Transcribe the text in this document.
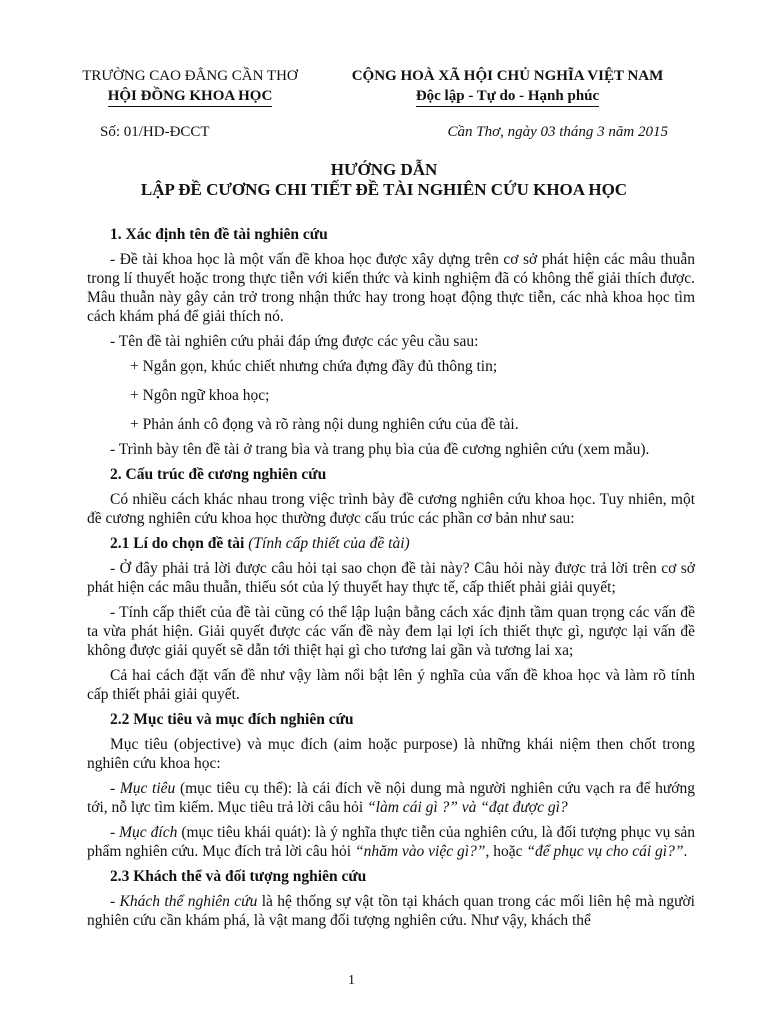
TRƯỜNG CAO ĐẲNG CẦN THƠ
HỘI ĐỒNG KHOA HỌC
CỘNG HOÀ XÃ HỘI CHỦ NGHĨA VIỆT NAM
Độc lập - Tự do - Hạnh phúc
Số: 01/HD-ĐCCT	Cần Thơ, ngày 03 tháng 3 năm 2015
HƯỚNG DẪN
LẬP ĐỀ CƯƠNG CHI TIẾT ĐỀ TÀI NGHIÊN CỨU KHOA HỌC

1. Xác định tên đề tài nghiên cứu

- Đề tài khoa học là một vấn đề khoa học được xây dựng trên cơ sở phát hiện các mâu thuẫn trong lí thuyết hoặc trong thực tiễn với kiến thức và kinh nghiệm đã có không thể giải thích được. Mâu thuẫn này gây cản trở trong nhận thức hay trong hoạt động thực tiễn, các nhà khoa học tìm cách khám phá để giải thích nó.

- Tên đề tài nghiên cứu phải đáp ứng được các yêu cầu sau:

+ Ngắn gọn, khúc chiết nhưng chứa đựng đầy đủ thông tin;

+ Ngôn ngữ khoa học;

+ Phản ánh cô đọng và rõ ràng nội dung nghiên cứu của đề tài.

- Trình bày tên đề tài ở trang bìa và trang phụ bìa của đề cương nghiên cứu (xem mẫu).

2. Cấu trúc đề cương nghiên cứu

Có nhiều cách khác nhau trong việc trình bày đề cương nghiên cứu khoa học. Tuy nhiên, một đề cương nghiên cứu khoa học thường được cấu trúc các phần cơ bản như sau:

2.1 Lí do chọn đề tài (Tính cấp thiết của đề tài)

- Ở đây phải trả lời được câu hỏi tại sao chọn đề tài này? Câu hỏi này được trả lời trên cơ sở phát hiện các mâu thuẫn, thiếu sót của lý thuyết hay thực tế, cấp thiết phải giải quyết;

- Tính cấp thiết của đề tài cũng có thể lập luận bằng cách xác định tầm quan trọng các vấn đề ta vừa phát hiện. Giải quyết được các vấn đề này đem lại lợi ích thiết thực gì, ngược lại vấn đề không được giải quyết sẽ dẫn tới thiệt hại gì cho tương lai gần và tương lai xa;

Cả hai cách đặt vấn đề như vậy làm nổi bật lên ý nghĩa của vấn đề khoa học và làm rõ tính cấp thiết phải giải quyết.

2.2 Mục tiêu và mục đích nghiên cứu

Mục tiêu (objective) và mục đích (aim hoặc purpose) là những khái niệm then chốt trong nghiên cứu khoa học:

- Mục tiêu (mục tiêu cụ thể): là cái đích về nội dung mà người nghiên cứu vạch ra để hướng tới, nỗ lực tìm kiếm. Mục tiêu trả lời câu hỏi “làm cái gì ?” và “đạt được gì?

- Mục đích (mục tiêu khái quát): là ý nghĩa thực tiễn của nghiên cứu, là đối tượng phục vụ sản phẩm nghiên cứu. Mục đích trả lời câu hỏi “nhăm vào việc gì?”, hoặc “để phục vụ cho cái gì?”.

2.3 Khách thể và đối tượng nghiên cứu

- Khách thể nghiên cứu là hệ thống sự vật tồn tại khách quan trong các mối liên hệ mà người nghiên cứu cần khám phá, là vật mang đối tượng nghiên cứu. Như vậy, khách thể

1
